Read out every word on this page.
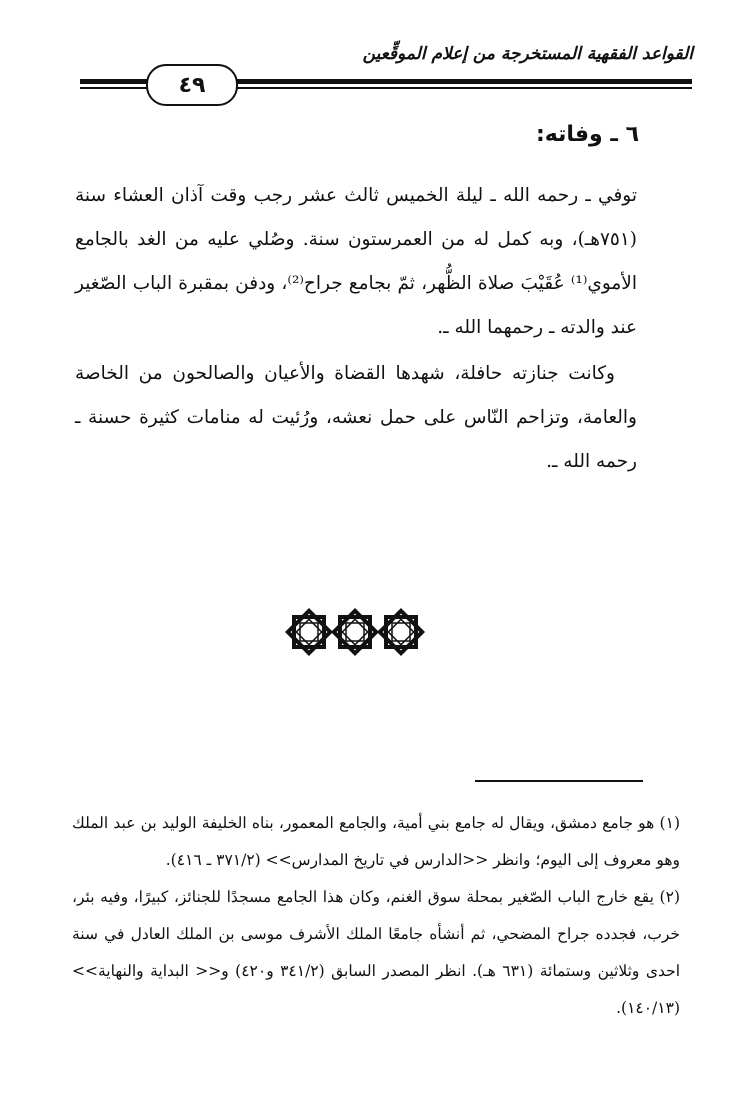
القواعد الفقهية المستخرجة من إعلام الموقِّعين
٤٩
٦ ـ وفاته:

توفي ـ رحمه الله ـ ليلة الخميس ثالث عشر رجب وقت آذان العشاء سنة (٧٥١هـ)، وبه كمل له من العمرستون سنة. وصُلي عليه من الغد بالجامع الأموي⁽¹⁾ عُقَيْبَ صلاة الظُّهر، ثمّ بجامع جراح⁽²⁾، ودفن بمقبرة الباب الصّغير عند والدته ـ رحمهما الله ـ.

وكانت جنازته حافلة، شهدها القضاة والأعيان والصالحون من الخاصة والعامة، وتزاحم النّاس على حمل نعشه، ورُئيت له منامات كثيرة حسنة ـ رحمه الله ـ.

(١) هو جامع دمشق، ويقال له جامع بني أمية، والجامع المعمور، بناه الخليفة الوليد بن عبد الملك وهو معروف إلى اليوم؛ وانظر <<الدارس في تاريخ المدارس>> (٣٧١/٢ ـ ٤١٦).

(٢) يقع خارج الباب الصّغير بمحلة سوق الغنم، وكان هذا الجامع مسجدًا للجنائز، كبيرًا، وفيه بئر، خرب، فجدده جراح المضحي، ثم أنشأه جامعًا الملك الأشرف موسى بن الملك العادل في سنة احدى وثلاثين وستمائة (٦٣١ هـ). انظر المصدر السابق (٣٤١/٢ و٤٢٠) و<< البداية والنهاية>> (١٤٠/١٣).
